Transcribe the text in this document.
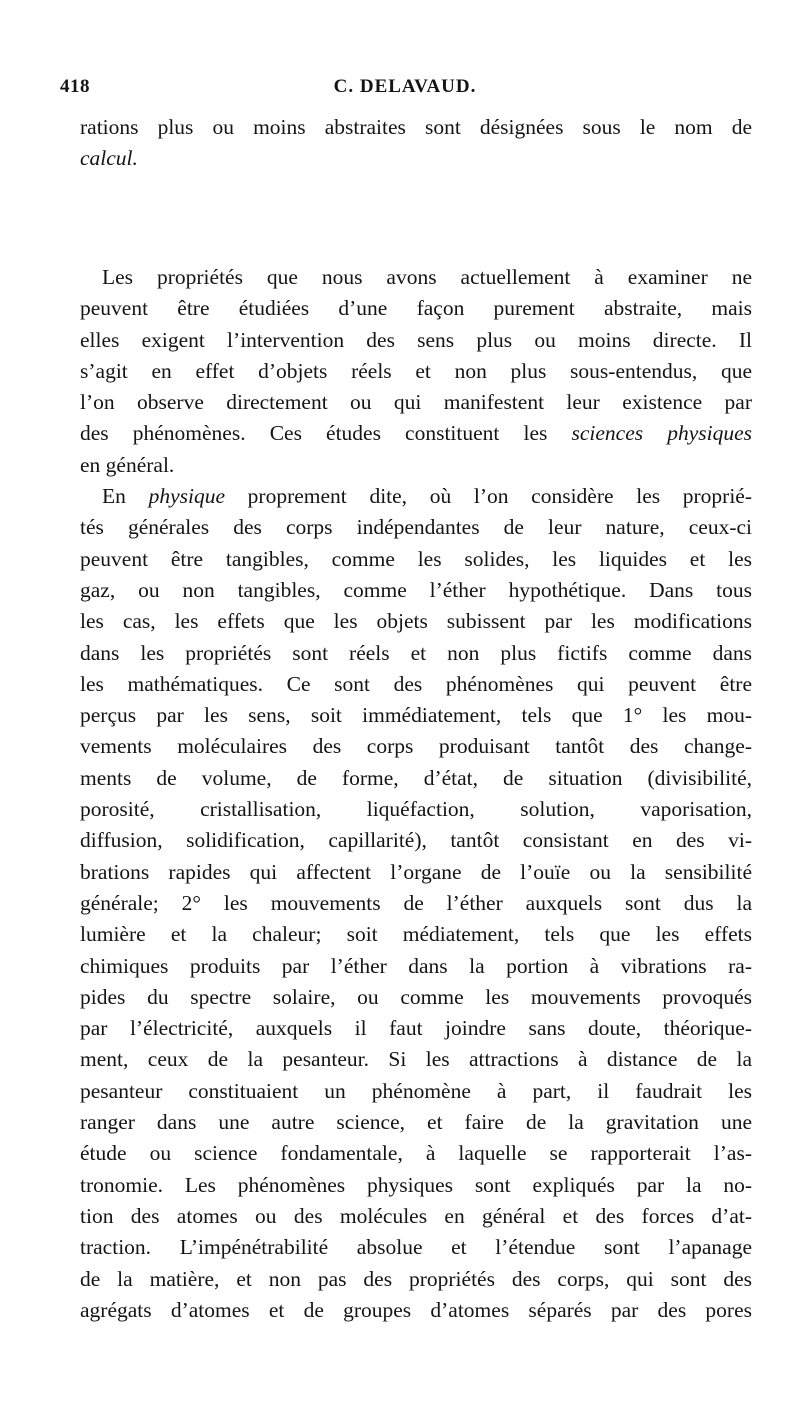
418	C. DELAVAUD.
rations plus ou moins abstraites sont désignées sous le nom de
calcul.
Les propriétés que nous avons actuellement à examiner ne
peuvent être étudiées d’une façon purement abstraite, mais
elles exigent l’intervention des sens plus ou moins directe. Il
s’agit en effet d’objets réels et non plus sous-entendus, que
l’on observe directement ou qui manifestent leur existence par
des phénomènes. Ces études constituent les sciences physiques
en général.
En physique proprement dite, où l’on considère les proprié-
tés générales des corps indépendantes de leur nature, ceux-ci
peuvent être tangibles, comme les solides, les liquides et les
gaz, ou non tangibles, comme l’éther hypothétique. Dans tous
les cas, les effets que les objets subissent par les modifications
dans les propriétés sont réels et non plus fictifs comme dans
les mathématiques. Ce sont des phénomènes qui peuvent être
perçus par les sens, soit immédiatement, tels que 1° les mou-
vements moléculaires des corps produisant tantôt des change-
ments de volume, de forme, d’état, de situation (divisibilité,
porosité, cristallisation, liquéfaction, solution, vaporisation,
diffusion, solidification, capillarité), tantôt consistant en des vi-
brations rapides qui affectent l’organe de l’ouïe ou la sensibilité
générale; 2° les mouvements de l’éther auxquels sont dus la
lumière et la chaleur; soit médiatement, tels que les effets
chimiques produits par l’éther dans la portion à vibrations ra-
pides du spectre solaire, ou comme les mouvements provoqués
par l’électricité, auxquels il faut joindre sans doute, théorique-
ment, ceux de la pesanteur. Si les attractions à distance de la
pesanteur constituaient un phénomène à part, il faudrait les
ranger dans une autre science, et faire de la gravitation une
étude ou science fondamentale, à laquelle se rapporterait l’as-
tronomie. Les phénomènes physiques sont expliqués par la no-
tion des atomes ou des molécules en général et des forces d’at-
traction. L’impénétrabilité absolue et l’étendue sont l’apanage
de la matière, et non pas des propriétés des corps, qui sont des
agrégats d’atomes et de groupes d’atomes séparés par des pores
